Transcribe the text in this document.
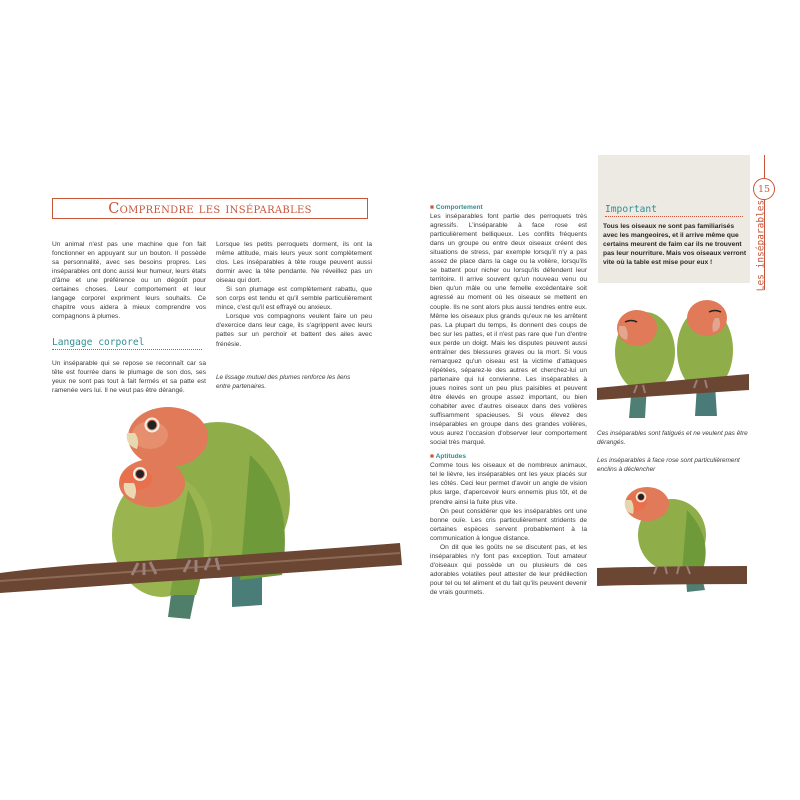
Comprendre les inséparables

Un animal n'est pas une machine que l'on fait fonctionner en appuyant sur un bouton. Il possède sa personnalité, avec ses besoins propres. Les inséparables ont donc aussi leur humeur, leurs états d'âme et une préférence ou un dégoût pour certaines choses. Leur comportement et leur langage corporel expriment leurs souhaits. Ce chapitre vous aidera à mieux comprendre vos compagnons à plumes.

Langage corporel

Un inséparable qui se repose se reconnaît car sa tête est fourrée dans le plumage de son dos, ses yeux ne sont pas tout à fait fermés et sa patte est ramenée vers lui. Il ne veut pas être dérangé.

Lorsque les petits perroquets dorment, ils ont la même attitude, mais leurs yeux sont complètement clos. Les inséparables à tête rouge peuvent aussi dormir avec la tête pendante. Ne réveillez pas un oiseau qui dort.

Si son plumage est complètement rabattu, que son corps est tendu et qu'il semble particulièrement mince, c'est qu'il est effrayé ou anxieux.

Lorsque vos compagnons veulent faire un peu d'exercice dans leur cage, ils s'agrippent avec leurs pattes sur un perchoir et battent des ailes avec frénésie.

Le lissage mutuel des plumes renforce les liens entre partenaires.
■ Comportement

Les inséparables font partie des perroquets très agressifs. L'inséparable à face rose est particulièrement belliqueux. Les conflits fréquents dans un groupe ou entre deux oiseaux créent des situations de stress, par exemple lorsqu'il n'y a pas assez de place dans la cage ou la volière, lorsqu'ils se battent pour nicher ou lorsqu'ils défendent leur territoire. Il arrive souvent qu'un nouveau venu ou bien qu'un mâle ou une femelle excédentaire soit agressé au moment où les oiseaux se mettent en couple. Ils ne sont alors plus aussi tendres entre eux. Même les oiseaux plus grands qu'eux ne les arrêtent pas. La plupart du temps, ils donnent des coups de bec sur les pattes, et il n'est pas rare que l'un d'entre eux perde un doigt. Mais les disputes peuvent aussi entraîner des blessures graves ou la mort. Si vous remarquez qu'un oiseau est la victime d'attaques répétées, séparez-le des autres et cherchez-lui un partenaire qui lui convienne. Les inséparables à joues noires sont un peu plus paisibles et peuvent être élevés en groupe assez important, ou bien cohabiter avec d'autres oiseaux dans des volières suffisamment spacieuses. Si vous élevez des inséparables en groupe dans des grandes volières, vous aurez l'occasion d'observer leur comportement social très marqué.

■ Aptitudes

Comme tous les oiseaux et de nombreux animaux, tel le lièvre, les inséparables ont les yeux placés sur les côtés. Ceci leur permet d'avoir un angle de vision plus large, d'apercevoir leurs ennemis plus tôt, et de prendre ainsi la fuite plus vite.

On peut considérer que les inséparables ont une bonne ouïe. Les cris particulièrement stridents de certaines espèces servent probablement à la communication à longue distance.

On dit que les goûts ne se discutent pas, et les inséparables n'y font pas exception. Tout amateur d'oiseaux qui possède un ou plusieurs de ces adorables volatiles peut attester de leur prédilection pour tel ou tel aliment et du fait qu'ils peuvent devenir de vrais gourmets.

Important
Tous les oiseaux ne sont pas familiarisés avec les mangeoires, et il arrive même que certains meurent de faim car ils ne trouvent pas leur nourriture. Mais vos oiseaux verront vite où la table est mise pour eux !
15
Les inséparables
Ces inséparables sont fatigués et ne veulent pas être dérangés.
Les inséparables à face rose sont particulièrement enclins à déclencher
